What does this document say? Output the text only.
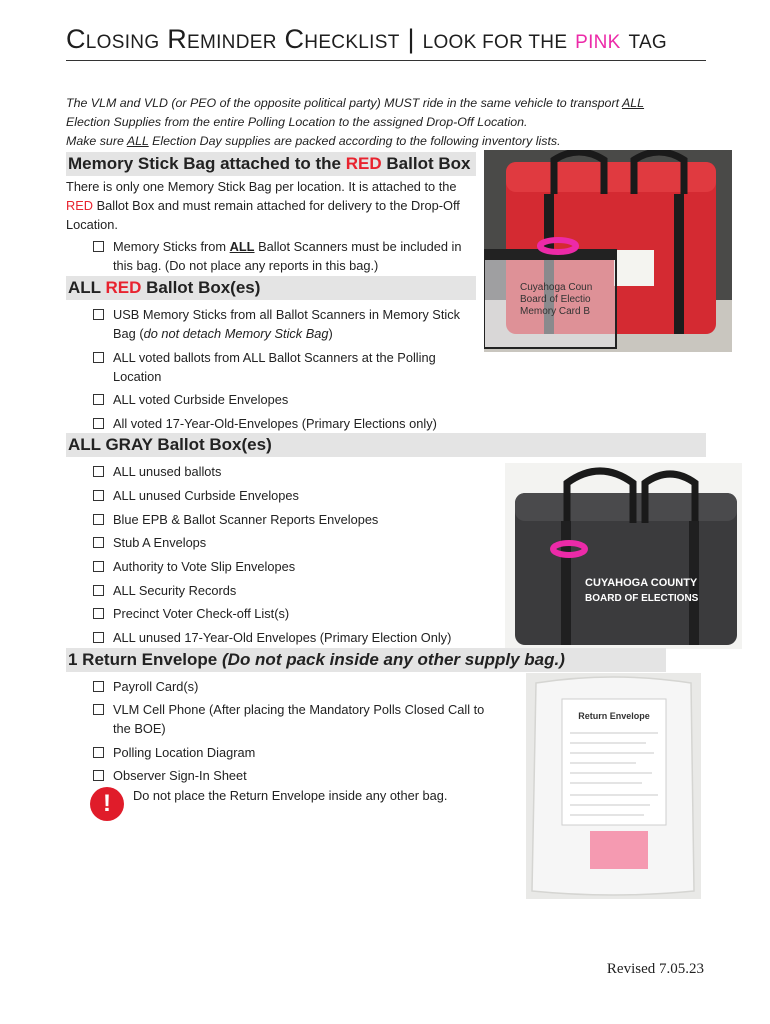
Closing Reminder Checklist | LOOK FOR THE PINK TAG
The VLM and VLD (or PEO of the opposite political party) MUST ride in the same vehicle to transport ALL
Election Supplies from the entire Polling Location to the assigned Drop-Off Location.
Make sure ALL Election Day supplies are packed according to the following inventory lists.
Memory Stick Bag attached to the RED Ballot Box
There is only one Memory Stick Bag per location. It is attached to the RED Ballot Box and must remain attached for delivery to the Drop-Off Location.
Memory Sticks from ALL Ballot Scanners must be included in this bag. (Do not place any reports in this bag.)
Cuyahoga Coun
Board of Electio
Memory Card B
ALL RED Ballot Box(es)
USB Memory Sticks from all Ballot Scanners in Memory Stick Bag (do not detach Memory Stick Bag)
ALL voted ballots from ALL Ballot Scanners at the Polling Location
ALL voted Curbside Envelopes
All voted 17-Year-Old-Envelopes (Primary Elections only)
ALL GRAY Ballot Box(es)
ALL unused ballots
ALL unused Curbside Envelopes
Blue EPB & Ballot Scanner Reports Envelopes
Stub A Envelops
Authority to Vote Slip Envelopes
ALL Security Records
Precinct Voter Check-off List(s)
ALL unused 17-Year-Old Envelopes (Primary Election Only)
CUYAHOGA COUNTY
BOARD OF ELECTIONS
1 Return Envelope (Do not pack inside any other supply bag.)
Payroll Card(s)
VLM Cell Phone (After placing the Mandatory Polls Closed Call to the BOE)
Polling Location Diagram
Observer Sign-In Sheet
!	Do not place the Return Envelope inside any other bag.
Return Envelope
Revised 7.05.23
